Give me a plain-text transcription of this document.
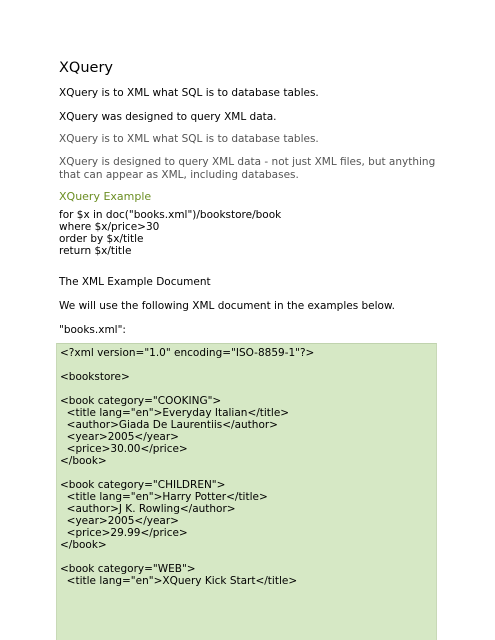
XQuery

XQuery is to XML what SQL is to database tables.

XQuery was designed to query XML data.

XQuery is to XML what SQL is to database tables.

XQuery is designed to query XML data - not just XML files, but anything that can appear as XML, including databases.

XQuery Example
for $x in doc("books.xml")/bookstore/book
where $x/price>30
order by $x/title
return $x/title

The XML Example Document

We will use the following XML document in the examples below.

"books.xml":

<?xml version="1.0" encoding="ISO-8859-1"?>
<bookstore>
<book category="COOKING">
<title lang="en">Everyday Italian</title>
<author>Giada De Laurentiis</author>
<year>2005</year>
<price>30.00</price>
</book>
<book category="CHILDREN">
<title lang="en">Harry Potter</title>
<author>J K. Rowling</author>
<year>2005</year>
<price>29.99</price>
</book>
<book category="WEB">
<title lang="en">XQuery Kick Start</title>
